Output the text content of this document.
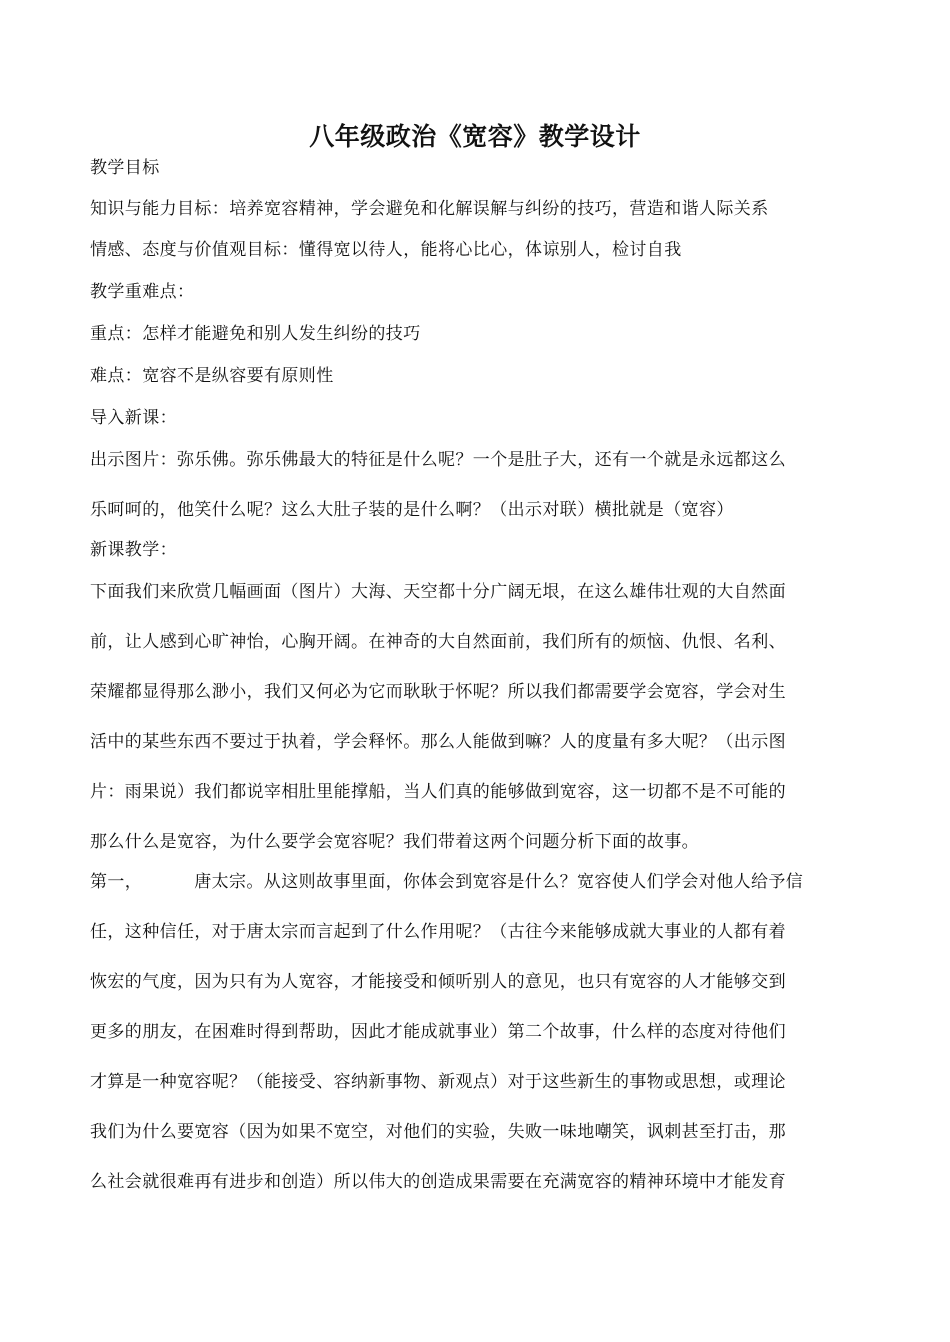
八年级政治《宽容》教学设计
教学目标
知识与能力目标：培养宽容精神，学会避免和化解误解与纠纷的技巧，营造和谐人际关系
情感、态度与价值观目标：懂得宽以待人，能将心比心，体谅别人，检讨自我
教学重难点：
重点：怎样才能避免和别人发生纠纷的技巧
难点：宽容不是纵容要有原则性
导入新课：
出示图片：弥乐佛。弥乐佛最大的特征是什么呢？一个是肚子大，还有一个就是永远都这么
乐呵呵的，他笑什么呢？这么大肚子装的是什么啊？（出示对联）横批就是（宽容）
新课教学：
下面我们来欣赏几幅画面（图片）大海、天空都十分广阔无垠，在这么雄伟壮观的大自然面
前，让人感到心旷神怡，心胸开阔。在神奇的大自然面前，我们所有的烦恼、仇恨、名利、
荣耀都显得那么渺小，我们又何必为它而耿耿于怀呢？所以我们都需要学会宽容，学会对生
活中的某些东西不要过于执着，学会释怀。那么人能做到嘛？人的度量有多大呢？（出示图
片：雨果说）我们都说宰相肚里能撑船，当人们真的能够做到宽容，这一切都不是不可能的
那么什么是宽容，为什么要学会宽容呢？我们带着这两个问题分析下面的故事。
第一，	唐太宗。从这则故事里面，你体会到宽容是什么？宽容使人们学会对他人给予信
任，这种信任，对于唐太宗而言起到了什么作用呢？（古往今来能够成就大事业的人都有着
恢宏的气度，因为只有为人宽容，才能接受和倾听别人的意见，也只有宽容的人才能够交到
更多的朋友，在困难时得到帮助，因此才能成就事业）第二个故事，什么样的态度对待他们
才算是一种宽容呢？（能接受、容纳新事物、新观点）对于这些新生的事物或思想，或理论
我们为什么要宽容（因为如果不宽空，对他们的实验，失败一味地嘲笑，讽刺甚至打击，那
么社会就很难再有进步和创造）所以伟大的创造成果需要在充满宽容的精神环境中才能发育
